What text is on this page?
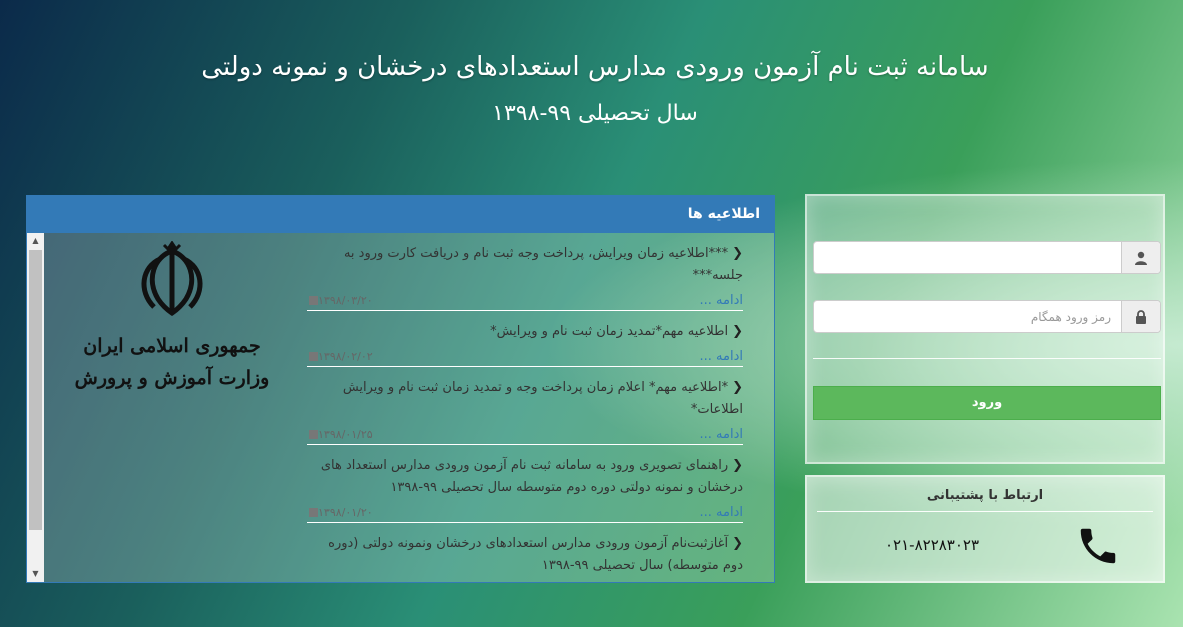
سامانه ثبت نام آزمون ورودی مدارس استعدادهای درخشان و نمونه دولتی
سال تحصیلی ۹۹-۱۳۹۸
اطلاعیه ها
▲
▼
جمهوری اسلامی ایران
وزارت آموزش و پرورش
❮***اطلاعیه زمان ویرایش، پرداخت وجه ثبت نام و دریافت کارت ورود به جلسه***
ادامه ...
۱۳۹۸/۰۳/۲۰
❮اطلاعیه مهم*تمدید زمان ثبت نام و ویرایش*
ادامه ...
۱۳۹۸/۰۲/۰۲
❮*اطلاعیه مهم* اعلام زمان پرداخت وجه و تمدید زمان ثبت نام و ویرایش اطلاعات*
ادامه ...
۱۳۹۸/۰۱/۲۵
❮راهنمای تصویری ورود به سامانه ثبت نام آزمون ورودی مدارس استعداد های درخشان و نمونه دولتی دوره دوم متوسطه سال تحصیلی ۹۹-۱۳۹۸
ادامه ...
۱۳۹۸/۰۱/۲۰
❮آغازثبت‌نام آزمون ورودی مدارس استعدادهای درخشان ونمونه دولتی (دوره دوم متوسطه) سال تحصیلی ۹۹-۱۳۹۸
ورود
ارتباط با پشتیبانی
۰۲۱-۸۲۲۸۳۰۲۳
